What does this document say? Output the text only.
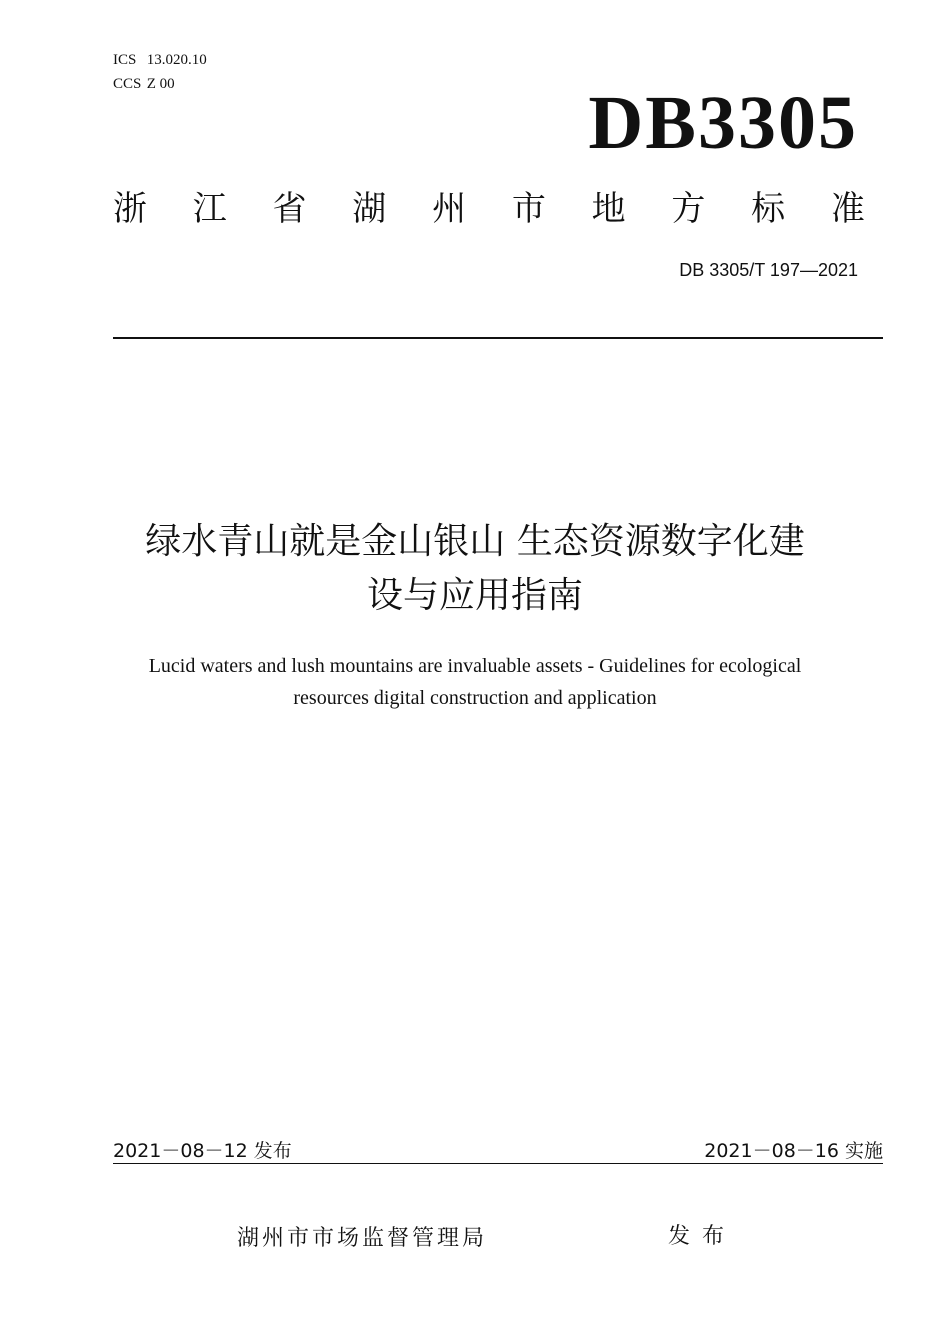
ICS 13.020.10
CCS Z 00	DB3305
浙 江 省 湖 州 市 地 方 标 准
DB 3305/T 197—2021
绿水青山就是金山银山 生态资源数字化建
设与应用指南
Lucid waters and lush mountains are invaluable assets - Guidelines for ecological
resources digital construction and application
2021－08－12 发布	2021－08－16 实施
湖州市市场监督管理局	发布
